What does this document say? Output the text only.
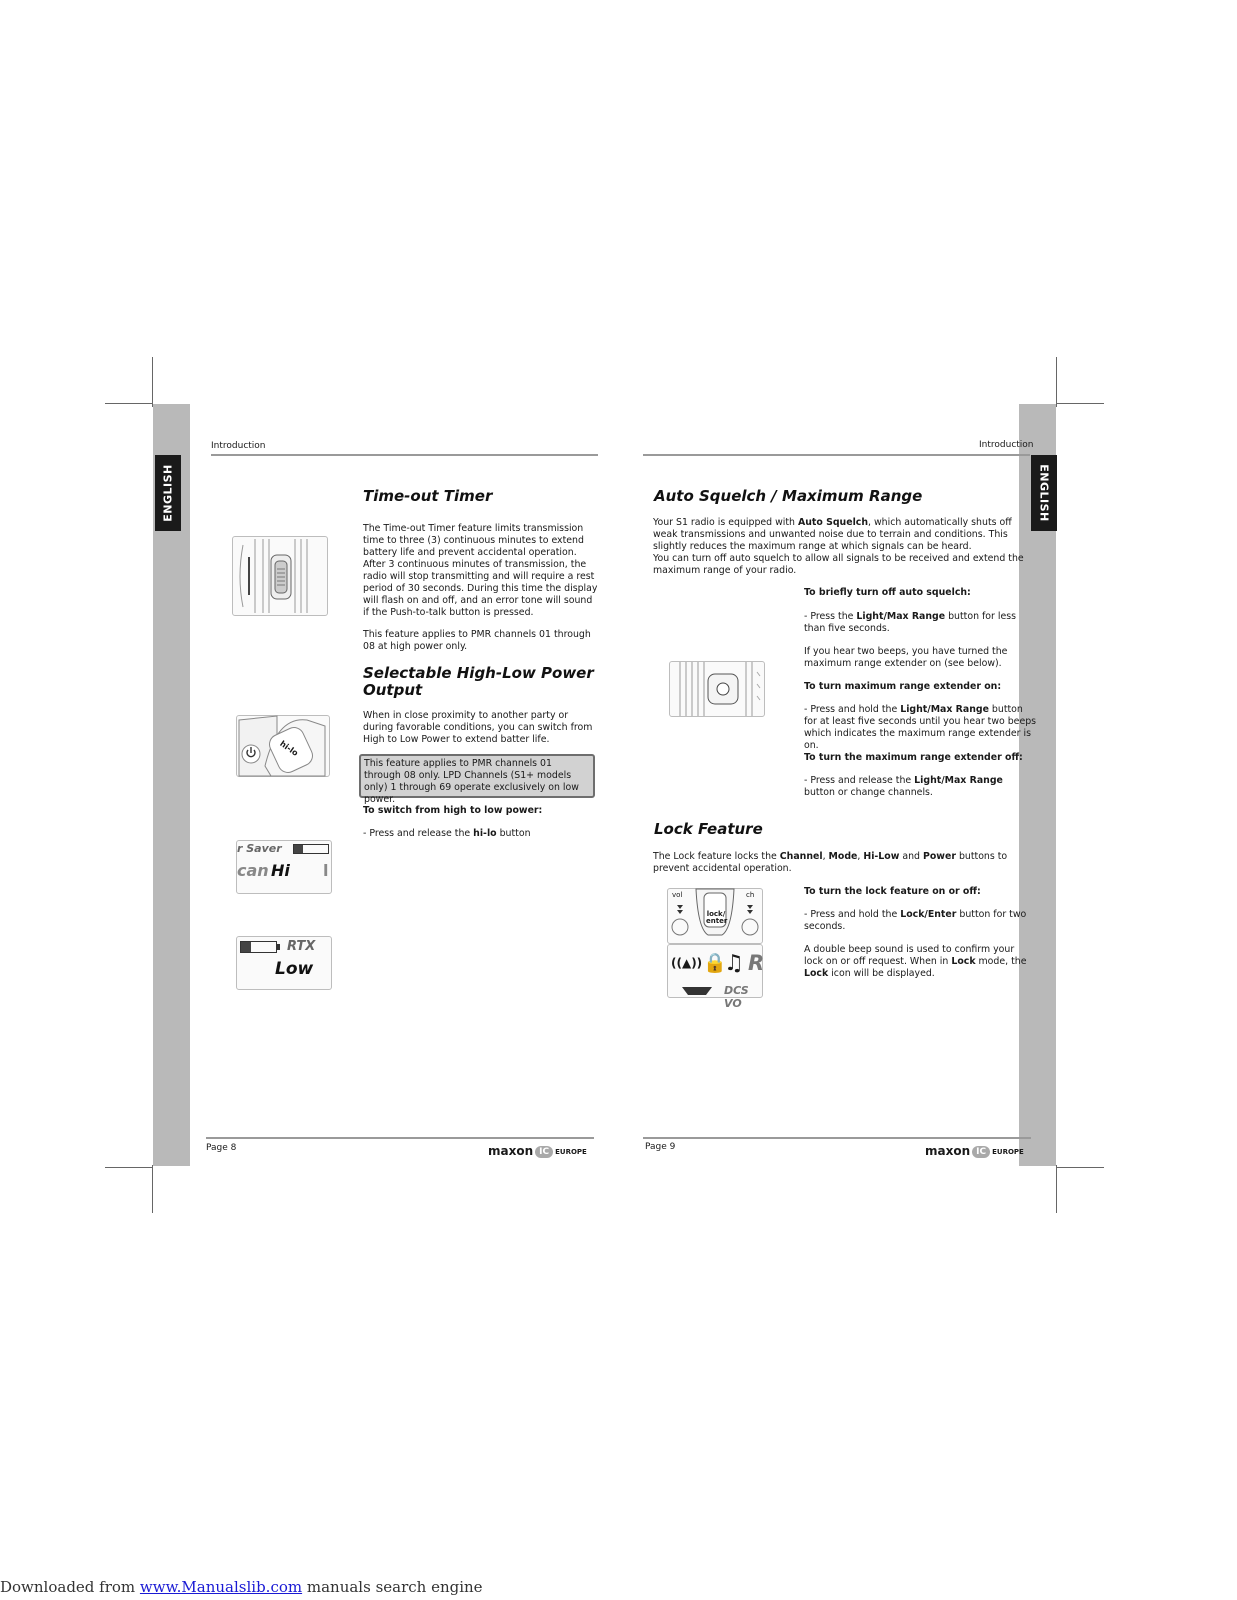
ENGLISH	ENGLISH
Introduction
Time-out Timer
The Time-out Timer feature limits transmission time to three (3) continuous minutes to extend battery life and prevent accidental operation. After 3 continuous minutes of transmission, the radio will stop transmitting and will require a rest period of 30 seconds. During this time the display will flash on and off, and an error tone will sound if the Push-to-talk button is pressed.
This feature applies to PMR channels 01 through 08 at high power only.
Selectable High-Low Power
Output
When in close proximity to another party or during favorable conditions, you can switch from High to Low Power to extend batter life.
This feature applies to PMR channels 01 through 08 only. LPD Channels (S1+ models only) 1 through 69 operate exclusively on low power.
To switch from high to low power:
- Press and release the hi-lo button
hi-lo
r Saver
can Hi l
RTX
Low
Page 8	maxon IC EUROPE
Introduction
Auto Squelch / Maximum Range
Your S1 radio is equipped with Auto Squelch, which automatically shuts off weak transmissions and unwanted noise due to terrain and conditions. This slightly reduces the maximum range at which signals can be heard.
You can turn off auto squelch to allow all signals to be received and extend the maximum range of your radio.
To briefly turn off auto squelch:
- Press the Light/Max Range button for less than five seconds.
If you hear two beeps, you have turned the maximum range extender on (see below).
To turn maximum range extender on:
- Press and hold the Light/Max Range button for at least five seconds until you hear two beeps which indicates the maximum range extender is on.
To turn the maximum range extender off:
- Press and release the Light/Max Range button or change channels.
Lock Feature
The Lock feature locks the Channel, Mode, Hi-Low and Power buttons to prevent accidental operation.
To turn the lock feature on or off:
- Press and hold the Lock/Enter button for two seconds.
A double beep sound is used to confirm your lock on or off request. When in Lock mode, the Lock icon will be displayed.
vol	ch
lock/
enter
((▲)) 🔒
♫ R
DCS VO
Page 9	maxon IC EUROPE
Downloaded from www.Manualslib.com manuals search engine
